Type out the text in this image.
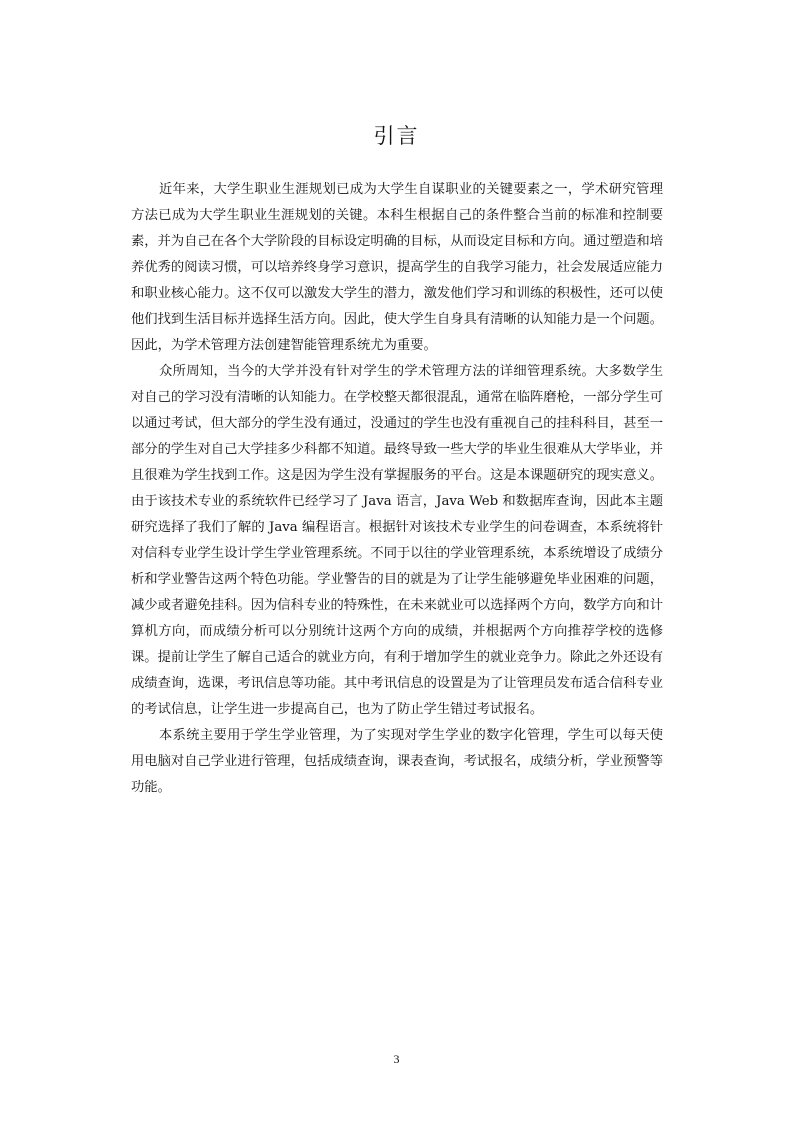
引言

近年来，大学生职业生涯规划已成为大学生自谋职业的关键要素之一，学术研究管理方法已成为大学生职业生涯规划的关键。本科生根据自己的条件整合当前的标准和控制要素，并为自己在各个大学阶段的目标设定明确的目标，从而设定目标和方向。通过塑造和培养优秀的阅读习惯，可以培养终身学习意识，提高学生的自我学习能力，社会发展适应能力和职业核心能力。这不仅可以激发大学生的潜力，激发他们学习和训练的积极性，还可以使他们找到生活目标并选择生活方向。因此，使大学生自身具有清晰的认知能力是一个问题。因此，为学术管理方法创建智能管理系统尤为重要。

众所周知，当今的大学并没有针对学生的学术管理方法的详细管理系统。大多数学生对自己的学习没有清晰的认知能力。在学校整天都很混乱，通常在临阵磨枪，一部分学生可以通过考试，但大部分的学生没有通过，没通过的学生也没有重视自己的挂科科目，甚至一部分的学生对自己大学挂多少科都不知道。最终导致一些大学的毕业生很难从大学毕业，并且很难为学生找到工作。这是因为学生没有掌握服务的平台。这是本课题研究的现实意义。由于该技术专业的系统软件已经学习了 Java 语言，Java Web 和数据库查询，因此本主题研究选择了我们了解的 Java 编程语言。根据针对该技术专业学生的问卷调查，本系统将针对信科专业学生设计学生学业管理系统。不同于以往的学业管理系统，本系统增设了成绩分析和学业警告这两个特色功能。学业警告的目的就是为了让学生能够避免毕业困难的问题，减少或者避免挂科。因为信科专业的特殊性，在未来就业可以选择两个方向，数学方向和计算机方向，而成绩分析可以分别统计这两个方向的成绩，并根据两个方向推荐学校的选修课。提前让学生了解自己适合的就业方向，有利于增加学生的就业竞争力。除此之外还设有成绩查询，选课，考讯信息等功能。其中考讯信息的设置是为了让管理员发布适合信科专业的考试信息，让学生进一步提高自己，也为了防止学生错过考试报名。

本系统主要用于学生学业管理，为了实现对学生学业的数字化管理，学生可以每天使用电脑对自己学业进行管理，包括成绩查询，课表查询，考试报名，成绩分析，学业预警等功能。

3
